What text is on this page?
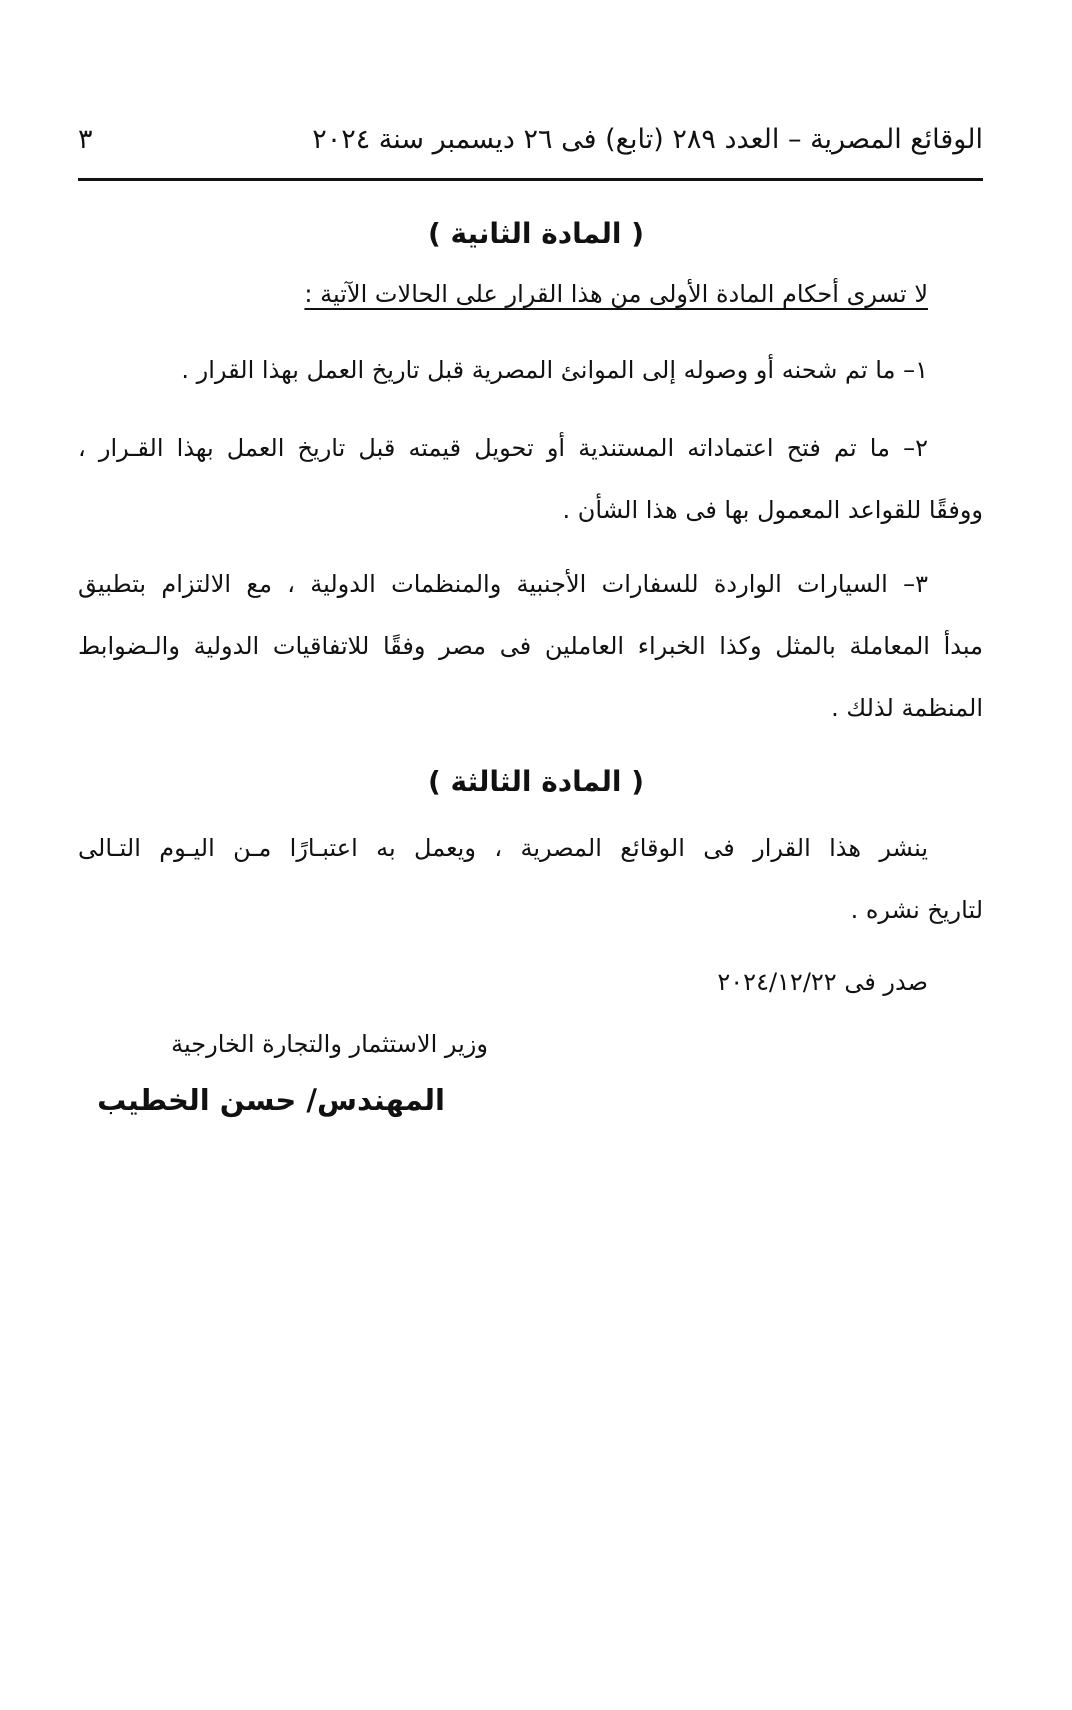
الوقائع المصرية – العدد ٢٨٩ (تابع) فى ٢٦ ديسمبر سنة ٢٠٢٤
٣
( المادة الثانية )
لا تسرى أحكام المادة الأولى من هذا القرار على الحالات الآتية :
١– ما تم شحنه أو وصوله إلى الموانئ المصرية قبل تاريخ العمل بهذا القرار .
٢– ما تم فتح اعتماداته المستندية أو تحويل قيمته قبل تاريخ العمل بهذا القـرار ،
ووفقًا للقواعد المعمول بها فى هذا الشأن .
٣– السيارات الواردة للسفارات الأجنبية والمنظمات الدولية ، مع الالتزام بتطبيق
مبدأ المعاملة بالمثل وكذا الخبراء العاملين فى مصر وفقًا للاتفاقيات الدولية والـضوابط
المنظمة لذلك .
( المادة الثالثة )
ينشر هذا القرار فى الوقائع المصرية ، ويعمل به اعتبـارًا مـن اليـوم التـالى
لتاريخ نشره .
صدر فى ٢٠٢٤/١٢/٢٢
وزير الاستثمار والتجارة الخارجية
المهندس/ حسن الخطيب
